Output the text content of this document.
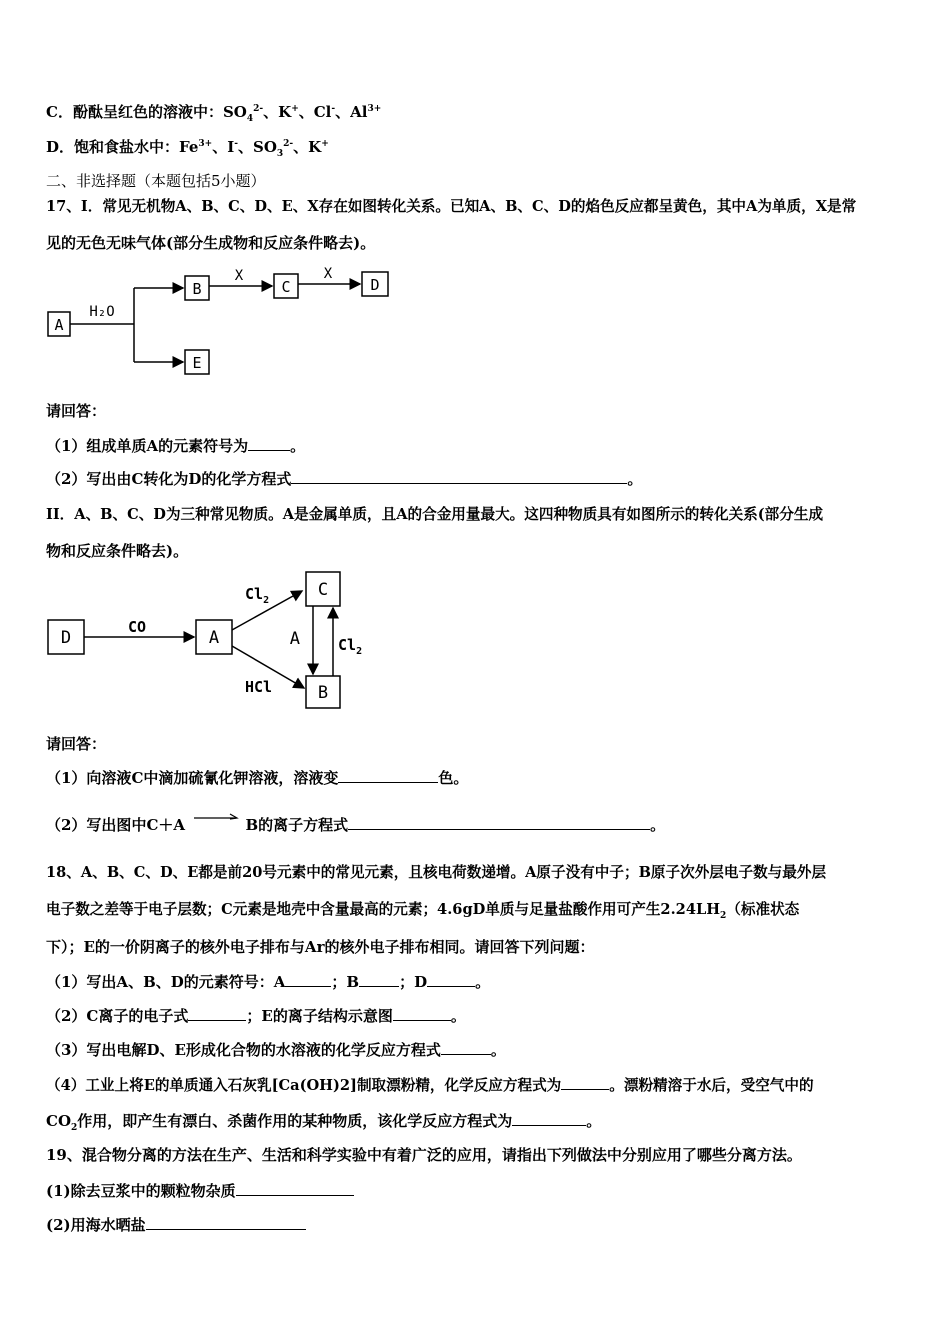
C．酚酞呈红色的溶液中：$SO_4^{2-}$、K+、Cl-、$Al^{3+}$
D．饱和食盐水中：$Fe^{3+}$、I-、$SO_3^{2-}$、K+
二、非选择题（本题包括5小题）
17、I．常见无机物A、B、C、D、E、X存在如图转化关系。已知A、B、C、D的焰色反应都呈黄色，其中A为单质，X是常
见的无色无味气体(部分生成物和反应条件略去)。
A
H₂O
B
E
X
C
X
D
请回答：
（1）组成单质A的元素符号为	。
（2）写出由C转化为D的化学方程式	。
II．A、B、C、D为三种常见物质。A是金属单质，且A的合金用量最大。这四种物质具有如图所示的转化关系(部分生成
物和反应条件略去)。
D
CO
A
$Cl_2$
HCl
C
B
A	$Cl_2$
请回答：
（1）向溶液C中滴加硫氰化钾溶液，溶液变	色。
（2）写出图中C＋A	B的离子方程式	。
18、A、B、C、D、E都是前20号元素中的常见元素，且核电荷数递增。A原子没有中子；B原子次外层电子数与最外层
电子数之差等于电子层数；C元素是地壳中含量最高的元素；4.6gD单质与足量盐酸作用可产生$2.24LH_2$（标准状态
下）；E的一价阴离子的核外电子排布与Ar的核外电子排布相同。请回答下列问题：
（1）写出A、B、D的元素符号：A	；B	；D	。
（2）C离子的电子式	；E的离子结构示意图	。
（3）写出电解D、E形成化合物的水溶液的化学反应方程式	。
（4）工业上将E的单质通入石灰乳[Ca(OH)2]制取漂粉精，化学反应方程式为	。漂粉精溶于水后，受空气中的
$CO_2$作用，即产生有漂白、杀菌作用的某种物质，该化学反应方程式为	。
19、混合物分离的方法在生产、生活和科学实验中有着广泛的应用，请指出下列做法中分别应用了哪些分离方法。
(1)除去豆浆中的颗粒物杂质
(2)用海水晒盐
